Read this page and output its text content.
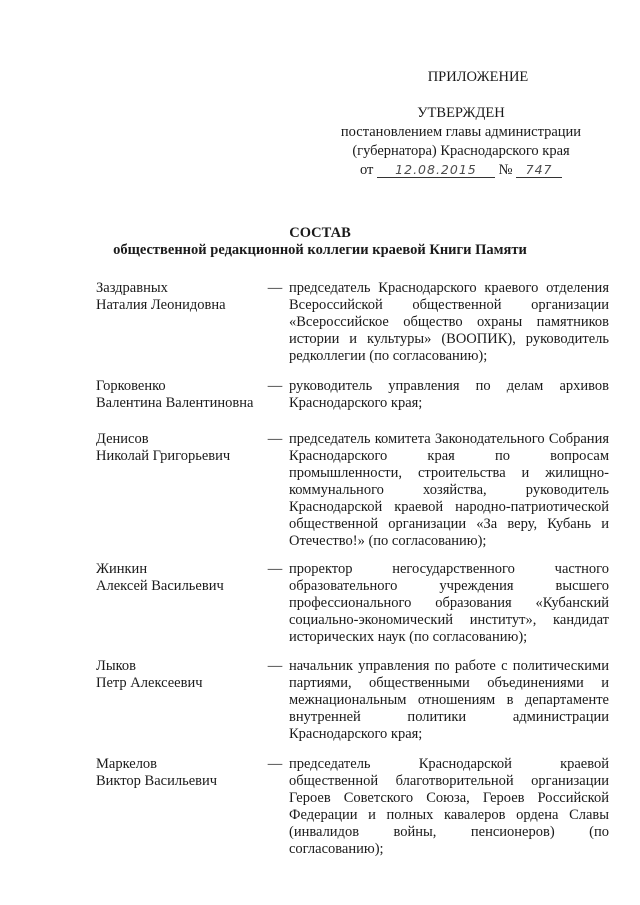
ПРИЛОЖЕНИЕ
УТВЕРЖДЕН
постановлением главы администрации
(губернатора) Краснодарского края
от 12.08.2015 № 747
СОСТАВ
общественной редакционной коллегии краевой Книги Памяти
Заздравных
Наталия Леонидовна
— председатель Краснодарского краевого отделения Всероссийской общественной организации «Всероссийское общество охраны памятников истории и культуры» (ВООПИК), руководитель редколлегии (по согласованию);
Горковенко
Валентина Валентиновна
— руководитель управления по делам архивов Краснодарского края;
Денисов
Николай Григорьевич
— председатель комитета Законодательного Собрания Краснодарского края по вопросам промышленности, строительства и жилищно-коммунального хозяйства, руководитель Краснодарской краевой народно-патриотической общественной организации «За веру, Кубань и Отечество!» (по согласованию);
Жинкин
Алексей Васильевич
— проректор негосударственного частного образовательного учреждения высшего профессионального образования «Кубанский социально-экономический институт», кандидат исторических наук (по согласованию);
Лыков
Петр Алексеевич
— начальник управления по работе с политическими партиями, общественными объединениями и межнациональным отношениям в департаменте внутренней политики администрации Краснодарского края;
Маркелов
Виктор Васильевич
— председатель Краснодарской краевой общественной благотворительной организации Героев Советского Союза, Героев Российской Федерации и полных кавалеров ордена Славы (инвалидов войны, пенсионеров) (по согласованию);
